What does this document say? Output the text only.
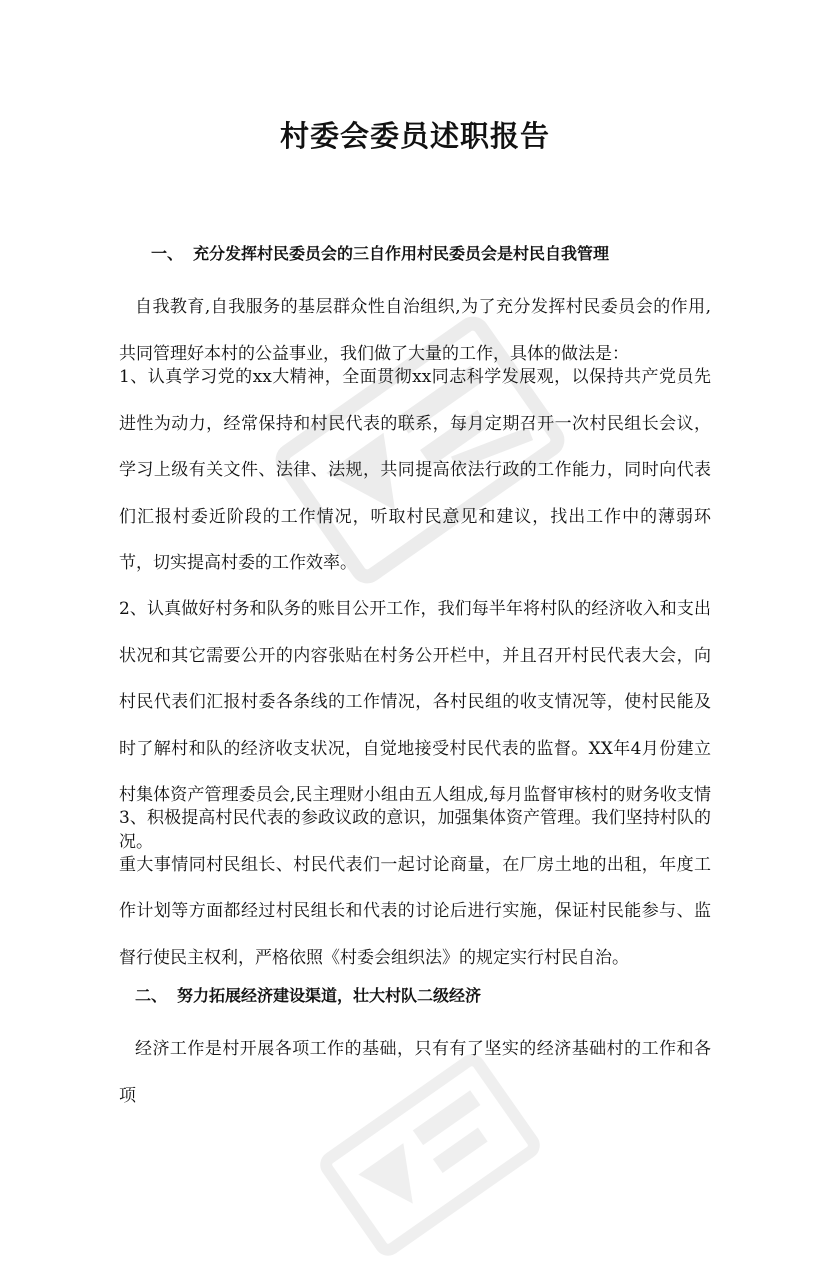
村委会委员述职报告

一、 充分发挥村民委员会的三自作用村民委员会是村民自我管理

自我教育,自我服务的基层群众性自治组织,为了充分发挥村民委员会的作用,共同管理好本村的公益事业，我们做了大量的工作，具体的做法是：

1、认真学习党的xx大精神，全面贯彻xx同志科学发展观，以保持共产党员先进性为动力，经常保持和村民代表的联系，每月定期召开一次村民组长会议，学习上级有关文件、法律、法规，共同提高依法行政的工作能力，同时向代表们汇报村委近阶段的工作情况，听取村民意见和建议，找出工作中的薄弱环节，切实提高村委的工作效率。

2、认真做好村务和队务的账目公开工作，我们每半年将村队的经济收入和支出状况和其它需要公开的内容张贴在村务公开栏中，并且召开村民代表大会，向村民代表们汇报村委各条线的工作情况，各村民组的收支情况等，使村民能及时了解村和队的经济收支状况，自觉地接受村民代表的监督。XX年4月份建立村集体资产管理委员会,民主理财小组由五人组成,每月监督审核村的财务收支情况。

3、积极提高村民代表的参政议政的意识，加强集体资产管理。我们坚持村队的重大事情同村民组长、村民代表们一起讨论商量，在厂房土地的出租，年度工作计划等方面都经过村民组长和代表的讨论后进行实施，保证村民能参与、监督行使民主权利，严格依照《村委会组织法》的规定实行村民自治。

二、 努力拓展经济建设渠道，壮大村队二级经济

经济工作是村开展各项工作的基础，只有有了坚实的经济基础村的工作和各项
